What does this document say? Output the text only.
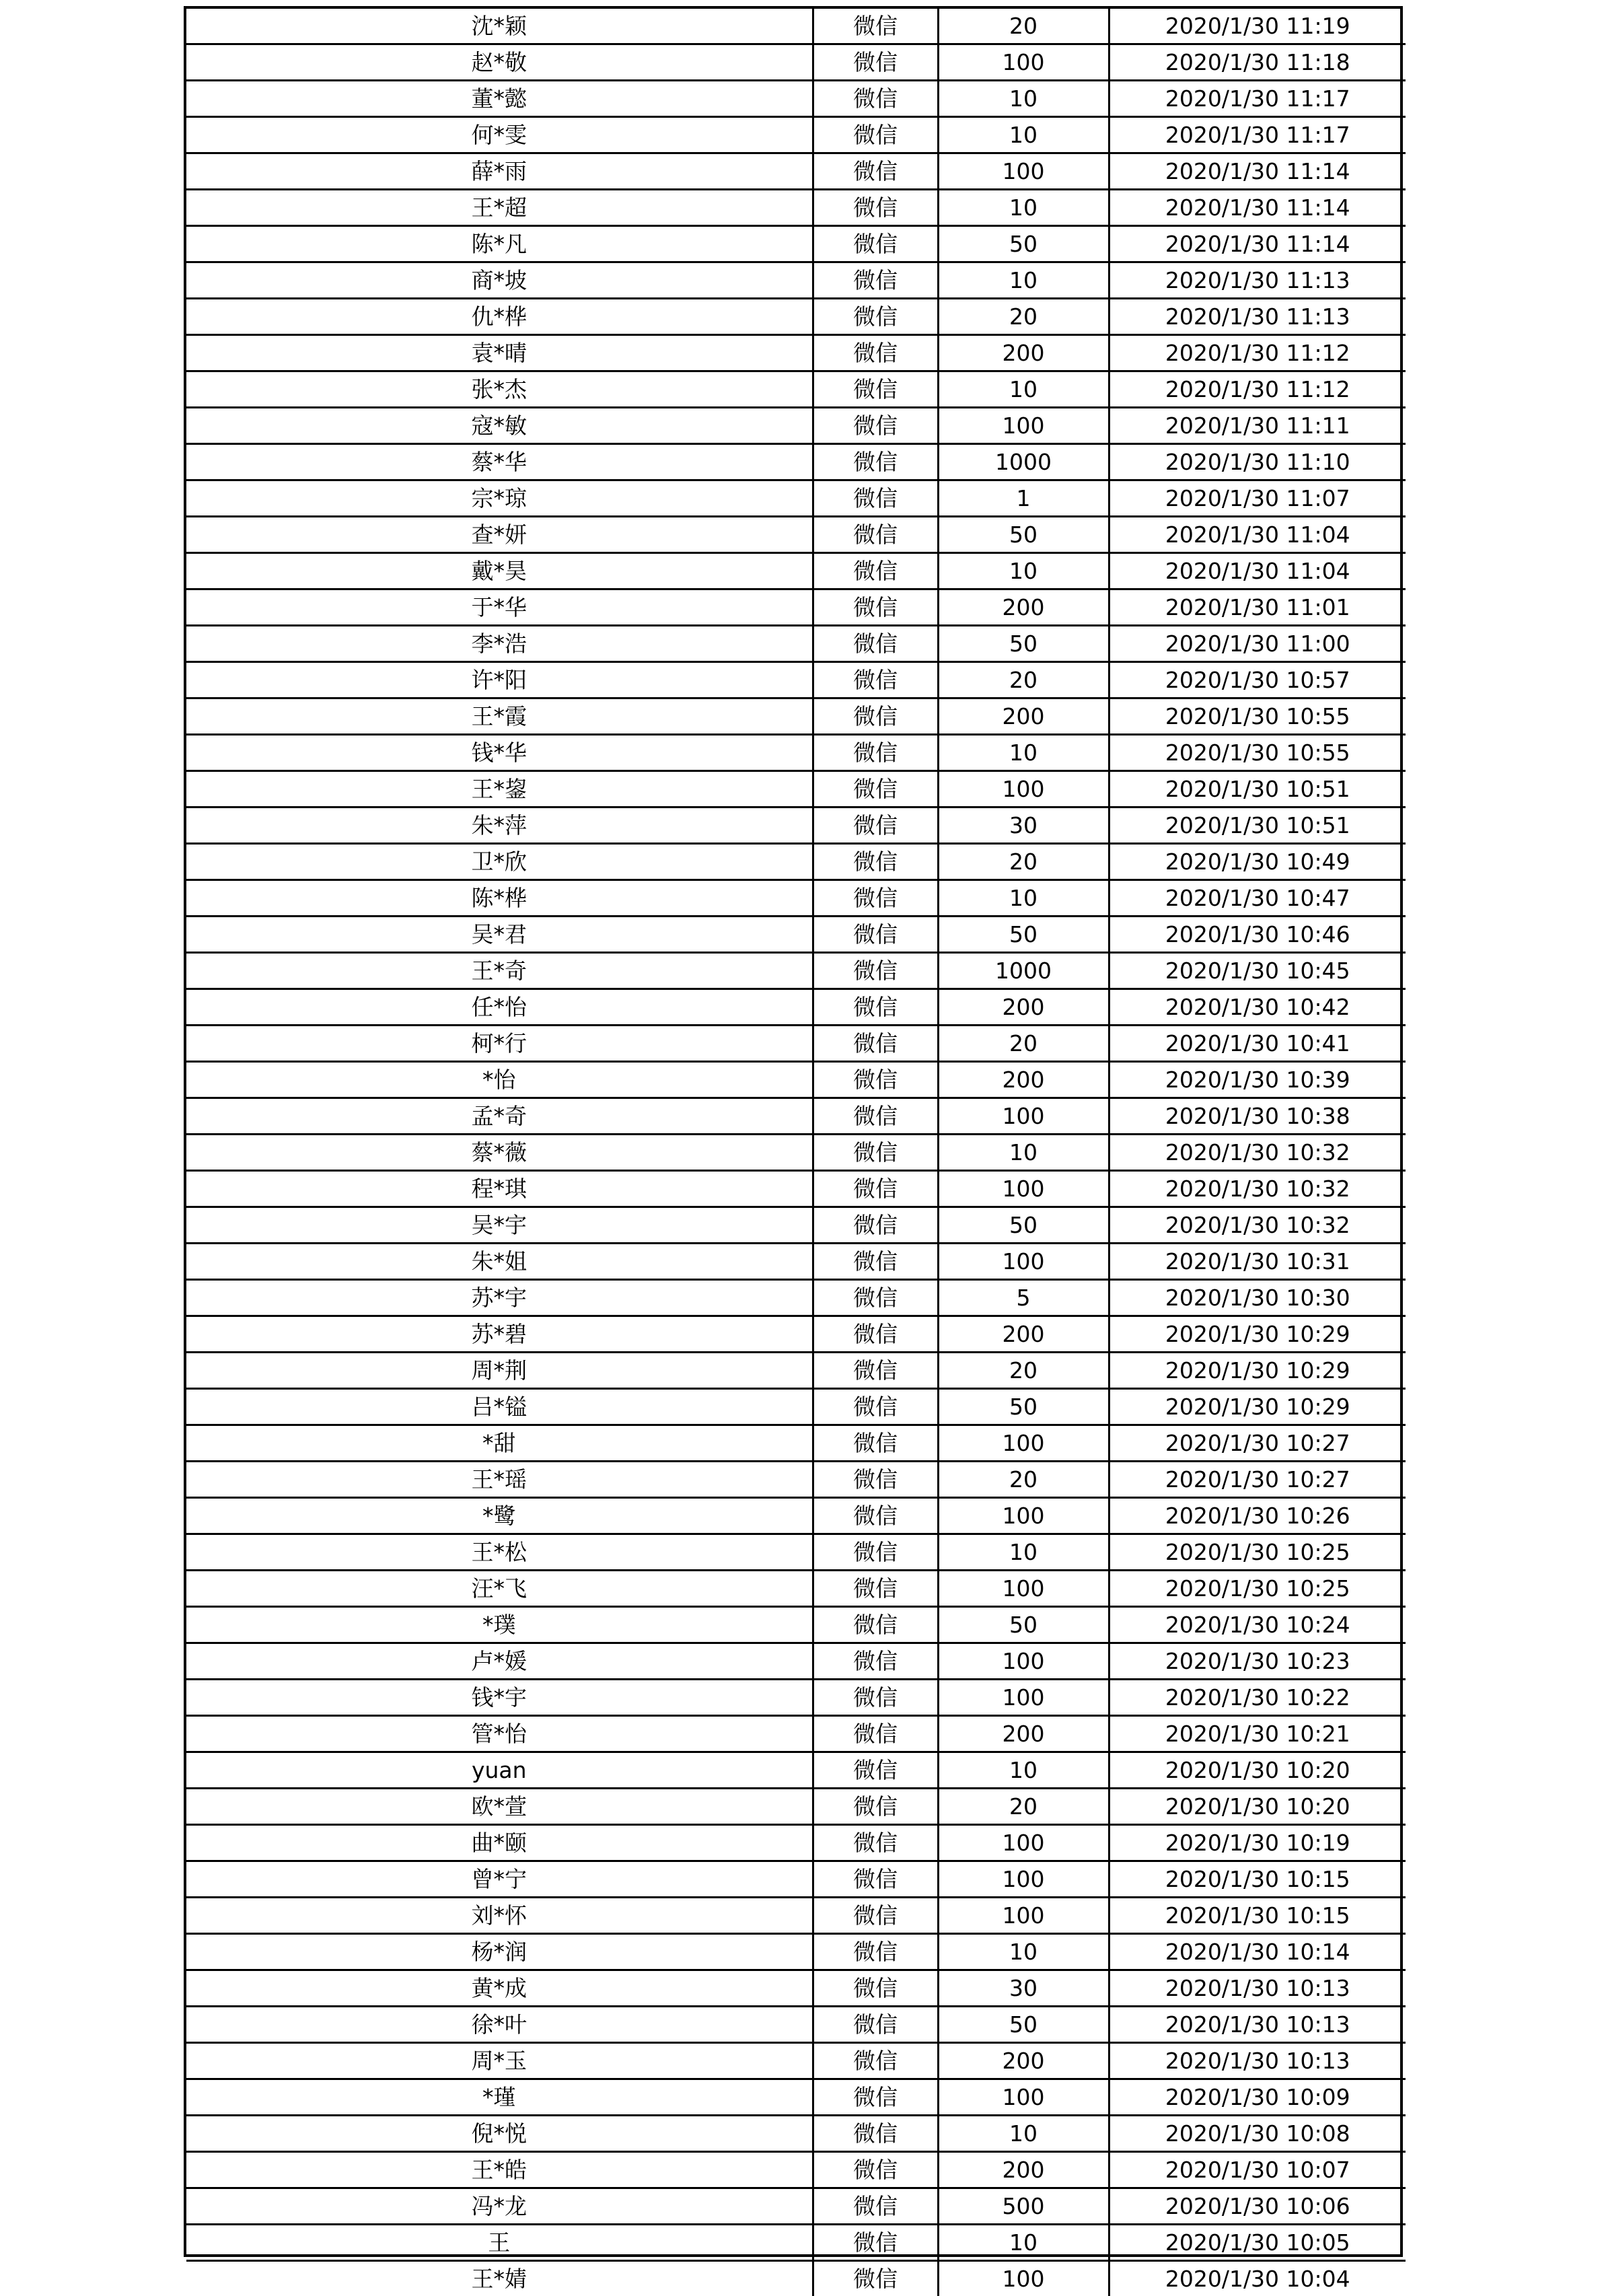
沈*颖	微信	20	2020/1/30 11:19
赵*敬	微信	100	2020/1/30 11:18
董*懿	微信	10	2020/1/30 11:17
何*雯	微信	10	2020/1/30 11:17
薛*雨	微信	100	2020/1/30 11:14
王*超	微信	10	2020/1/30 11:14
陈*凡	微信	50	2020/1/30 11:14
商*坡	微信	10	2020/1/30 11:13
仇*桦	微信	20	2020/1/30 11:13
袁*晴	微信	200	2020/1/30 11:12
张*杰	微信	10	2020/1/30 11:12
寇*敏	微信	100	2020/1/30 11:11
蔡*华	微信	1000	2020/1/30 11:10
宗*琼	微信	1	2020/1/30 11:07
查*妍	微信	50	2020/1/30 11:04
戴*昊	微信	10	2020/1/30 11:04
于*华	微信	200	2020/1/30 11:01
李*浩	微信	50	2020/1/30 11:00
许*阳	微信	20	2020/1/30 10:57
王*霞	微信	200	2020/1/30 10:55
钱*华	微信	10	2020/1/30 10:55
王*鋆	微信	100	2020/1/30 10:51
朱*萍	微信	30	2020/1/30 10:51
卫*欣	微信	20	2020/1/30 10:49
陈*桦	微信	10	2020/1/30 10:47
吴*君	微信	50	2020/1/30 10:46
王*奇	微信	1000	2020/1/30 10:45
任*怡	微信	200	2020/1/30 10:42
柯*行	微信	20	2020/1/30 10:41
*怡	微信	200	2020/1/30 10:39
孟*奇	微信	100	2020/1/30 10:38
蔡*薇	微信	10	2020/1/30 10:32
程*琪	微信	100	2020/1/30 10:32
吴*宇	微信	50	2020/1/30 10:32
朱*姐	微信	100	2020/1/30 10:31
苏*宇	微信	5	2020/1/30 10:30
苏*碧	微信	200	2020/1/30 10:29
周*荆	微信	20	2020/1/30 10:29
吕*镒	微信	50	2020/1/30 10:29
*甜	微信	100	2020/1/30 10:27
王*瑶	微信	20	2020/1/30 10:27
*鹭	微信	100	2020/1/30 10:26
王*松	微信	10	2020/1/30 10:25
汪*飞	微信	100	2020/1/30 10:25
*璞	微信	50	2020/1/30 10:24
卢*媛	微信	100	2020/1/30 10:23
钱*宇	微信	100	2020/1/30 10:22
管*怡	微信	200	2020/1/30 10:21
yuan	微信	10	2020/1/30 10:20
欧*萱	微信	20	2020/1/30 10:20
曲*颐	微信	100	2020/1/30 10:19
曾*宁	微信	100	2020/1/30 10:15
刘*怀	微信	100	2020/1/30 10:15
杨*润	微信	10	2020/1/30 10:14
黄*成	微信	30	2020/1/30 10:13
徐*叶	微信	50	2020/1/30 10:13
周*玉	微信	200	2020/1/30 10:13
*瑾	微信	100	2020/1/30 10:09
倪*悦	微信	10	2020/1/30 10:08
王*皓	微信	200	2020/1/30 10:07
冯*龙	微信	500	2020/1/30 10:06
王	微信	10	2020/1/30 10:05
王*婧	微信	100	2020/1/30 10:04
